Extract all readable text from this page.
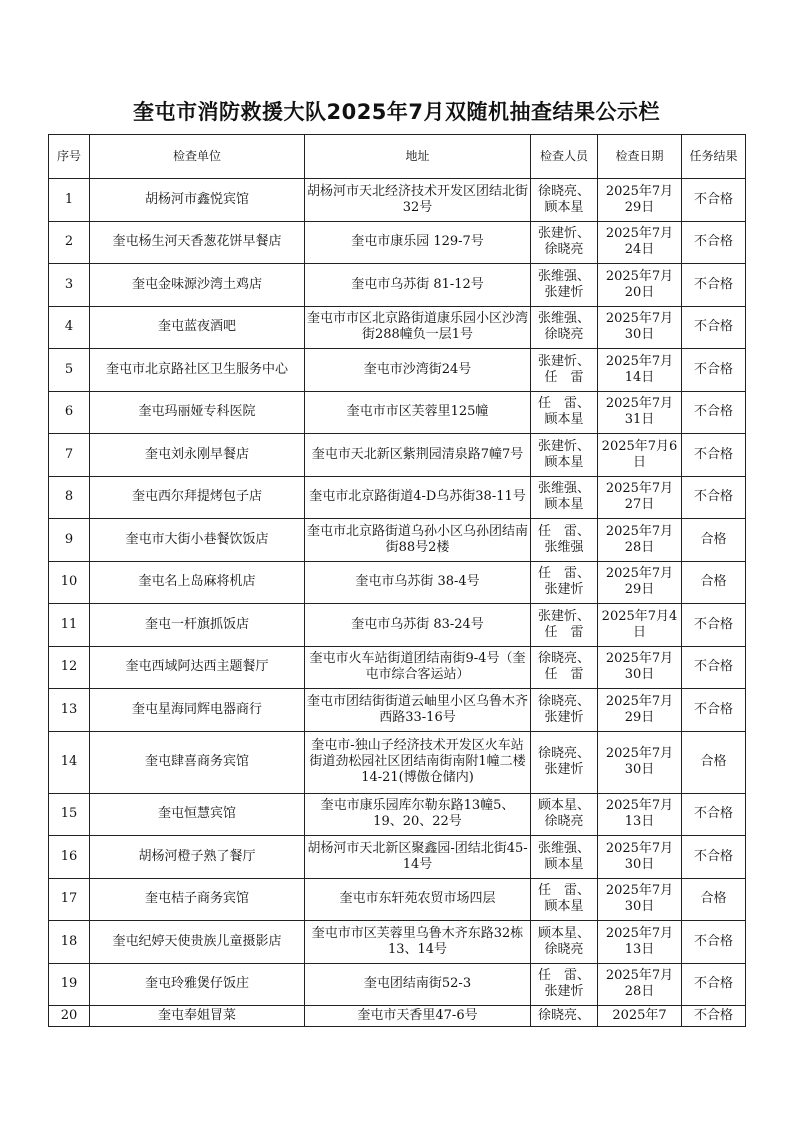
奎屯市消防救援大队2025年7月双随机抽查结果公示栏
序号	检查单位	地址	检查人员	检查日期	任务结果
1	胡杨河市鑫悦宾馆	胡杨河市天北经济技术开发区团结北街32号	徐晓亮、顾本星	2025年7月29日	不合格
2	奎屯杨生河天香葱花饼早餐店	奎屯市康乐园 129-7号	张建忻、徐晓亮	2025年7月24日	不合格
3	奎屯金味源沙湾土鸡店	奎屯市乌苏街 81-12号	张维强、张建忻	2025年7月20日	不合格
4	奎屯蓝夜酒吧	奎屯市市区北京路街道康乐园小区沙湾街288幢负一层1号	张维强、徐晓亮	2025年7月30日	不合格
5	奎屯市北京路社区卫生服务中心	奎屯市沙湾街24号	张建忻、任　雷	2025年7月14日	不合格
6	奎屯玛丽娅专科医院	奎屯市市区芙蓉里125幢	任　雷、顾本星	2025年7月31日	不合格
7	奎屯刘永刚早餐店	奎屯市天北新区紫荆园清泉路7幢7号	张建忻、顾本星	2025年7月6日	不合格
8	奎屯西尔拜提烤包子店	奎屯市北京路街道4-D乌苏街38-11号	张维强、顾本星	2025年7月27日	不合格
9	奎屯市大街小巷餐饮饭店	奎屯市北京路街道乌孙小区乌孙团结南街88号2楼	任　雷、张维强	2025年7月28日	合格
10	奎屯名上岛麻将机店	奎屯市乌苏街 38-4号	任　雷、张建忻	2025年7月29日	合格
11	奎屯一杆旗抓饭店	奎屯市乌苏街 83-24号	张建忻、任　雷	2025年7月4日	不合格
12	奎屯西域阿达西主题餐厅	奎屯市火车站街道团结南街9-4号（奎屯市综合客运站）	徐晓亮、任　雷	2025年7月30日	不合格
13	奎屯星海同辉电器商行	奎屯市团结街街道云岫里小区乌鲁木齐西路33-16号	徐晓亮、张建忻	2025年7月29日	不合格
14	奎屯肆喜商务宾馆	奎屯市-独山子经济技术开发区火车站街道劲松园社区团结南街南附1幢二楼14-21(博傲仓储内)	徐晓亮、张建忻	2025年7月30日	合格
15	奎屯恒慧宾馆	奎屯市康乐园库尔勒东路13幢5、19、20、22号	顾本星、徐晓亮	2025年7月13日	不合格
16	胡杨河橙子熟了餐厅	胡杨河市天北新区聚鑫园-团结北街45-14号	张维强、顾本星	2025年7月30日	不合格
17	奎屯桔子商务宾馆	奎屯市东轩苑农贸市场四层	任　雷、顾本星	2025年7月30日	合格
18	奎屯纪婷天使贵族儿童摄影店	奎屯市市区芙蓉里乌鲁木齐东路32栋13、14号	顾本星、徐晓亮	2025年7月13日	不合格
19	奎屯玲雅煲仔饭庄	奎屯团结南街52-3	任　雷、张建忻	2025年7月28日	不合格
20	奎屯奉姐冒菜	奎屯市天香里47-6号	徐晓亮、	2025年7	不合格
